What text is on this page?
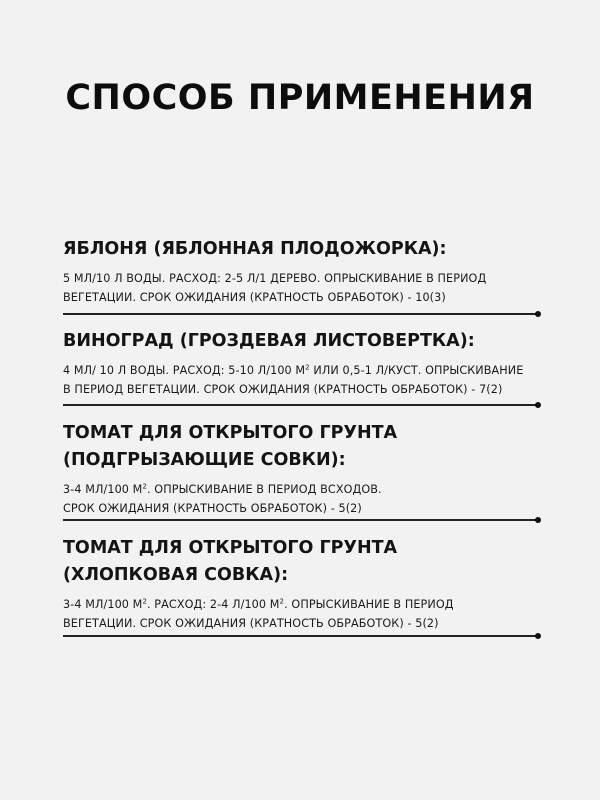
СПОСОБ ПРИМЕНЕНИЯ
ЯБЛОНЯ (ЯБЛОННАЯ ПЛОДОЖОРКА):
5 МЛ/10 Л ВОДЫ. РАСХОД: 2-5 Л/1 ДЕРЕВО. ОПРЫСКИВАНИЕ В ПЕРИОД
ВЕГЕТАЦИИ. СРОК ОЖИДАНИЯ (КРАТНОСТЬ ОБРАБОТОК) - 10(3)
ВИНОГРАД (ГРОЗДЕВАЯ ЛИСТОВЕРТКА):
4 МЛ/ 10 Л ВОДЫ. РАСХОД: 5-10 Л/100 $М^2$ ИЛИ 0,5-1 Л/КУСТ. ОПРЫСКИВАНИЕ
В ПЕРИОД ВЕГЕТАЦИИ. СРОК ОЖИДАНИЯ (КРАТНОСТЬ ОБРАБОТОК) - 7(2)
ТОМАТ ДЛЯ ОТКРЫТОГО ГРУНТА
(ПОДГРЫЗАЮЩИЕ СОВКИ):
3-4 МЛ/100 $М^2$. ОПРЫСКИВАНИЕ В ПЕРИОД ВСХОДОВ.
СРОК ОЖИДАНИЯ (КРАТНОСТЬ ОБРАБОТОК) - 5(2)
ТОМАТ ДЛЯ ОТКРЫТОГО ГРУНТА
(ХЛОПКОВАЯ СОВКА):
3-4 МЛ/100 $М^2$. РАСХОД: 2-4 Л/100 $М^2$. ОПРЫСКИВАНИЕ В ПЕРИОД
ВЕГЕТАЦИИ. СРОК ОЖИДАНИЯ (КРАТНОСТЬ ОБРАБОТОК) - 5(2)
